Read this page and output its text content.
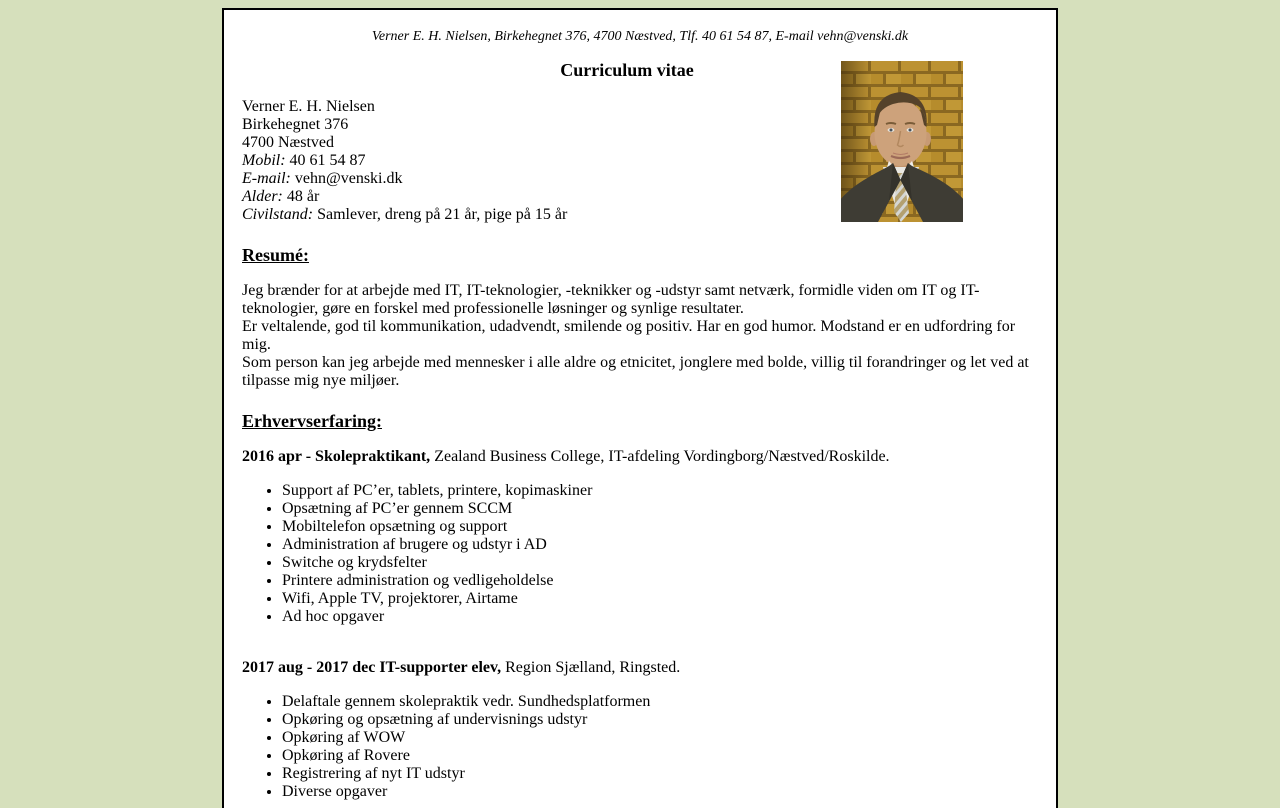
Verner E. H. Nielsen, Birkehegnet 376, 4700 Næstved, Tlf. 40 61 54 87, E-mail vehn@venski.dk

Curriculum vitae
Verner E. H. Nielsen
Birkehegnet 376
4700 Næstved
Mobil: 40 61 54 87
E-mail: vehn@venski.dk
Alder: 48 år
Civilstand: Samlever, dreng på 21 år, pige på 15 år
Resumé:

Jeg brænder for at arbejde med IT, IT-teknologier, -teknikker og -udstyr samt netværk, formidle viden om IT og IT-teknologier, gøre en forskel med professionelle løsninger og synlige resultater.
Er veltalende, god til kommunikation, udadvendt, smilende og positiv. Har en god humor. Modstand er en udfordring for mig.
Som person kan jeg arbejde med mennesker i alle aldre og etnicitet, jonglere med bolde, villig til forandringer og let ved at tilpasse mig nye miljøer.

Erhvervserfaring:

2016 apr - Skolepraktikant, Zealand Business College, IT-afdeling Vordingborg/Næstved/Roskilde.

• Support af PC’er, tablets, printere, kopimaskiner
• Opsætning af PC’er gennem SCCM
• Mobiltelefon opsætning og support
• Administration af brugere og udstyr i AD
• Switche og krydsfelter
• Printere administration og vedligeholdelse
• Wifi, Apple TV, projektorer, Airtame
• Ad hoc opgaver

2017 aug - 2017 dec IT-supporter elev, Region Sjælland, Ringsted.

• Delaftale gennem skolepraktik vedr. Sundhedsplatformen
• Opkøring og opsætning af undervisnings udstyr
• Opkøring af WOW
• Opkøring af Rovere
• Registrering af nyt IT udstyr
• Diverse opgaver
